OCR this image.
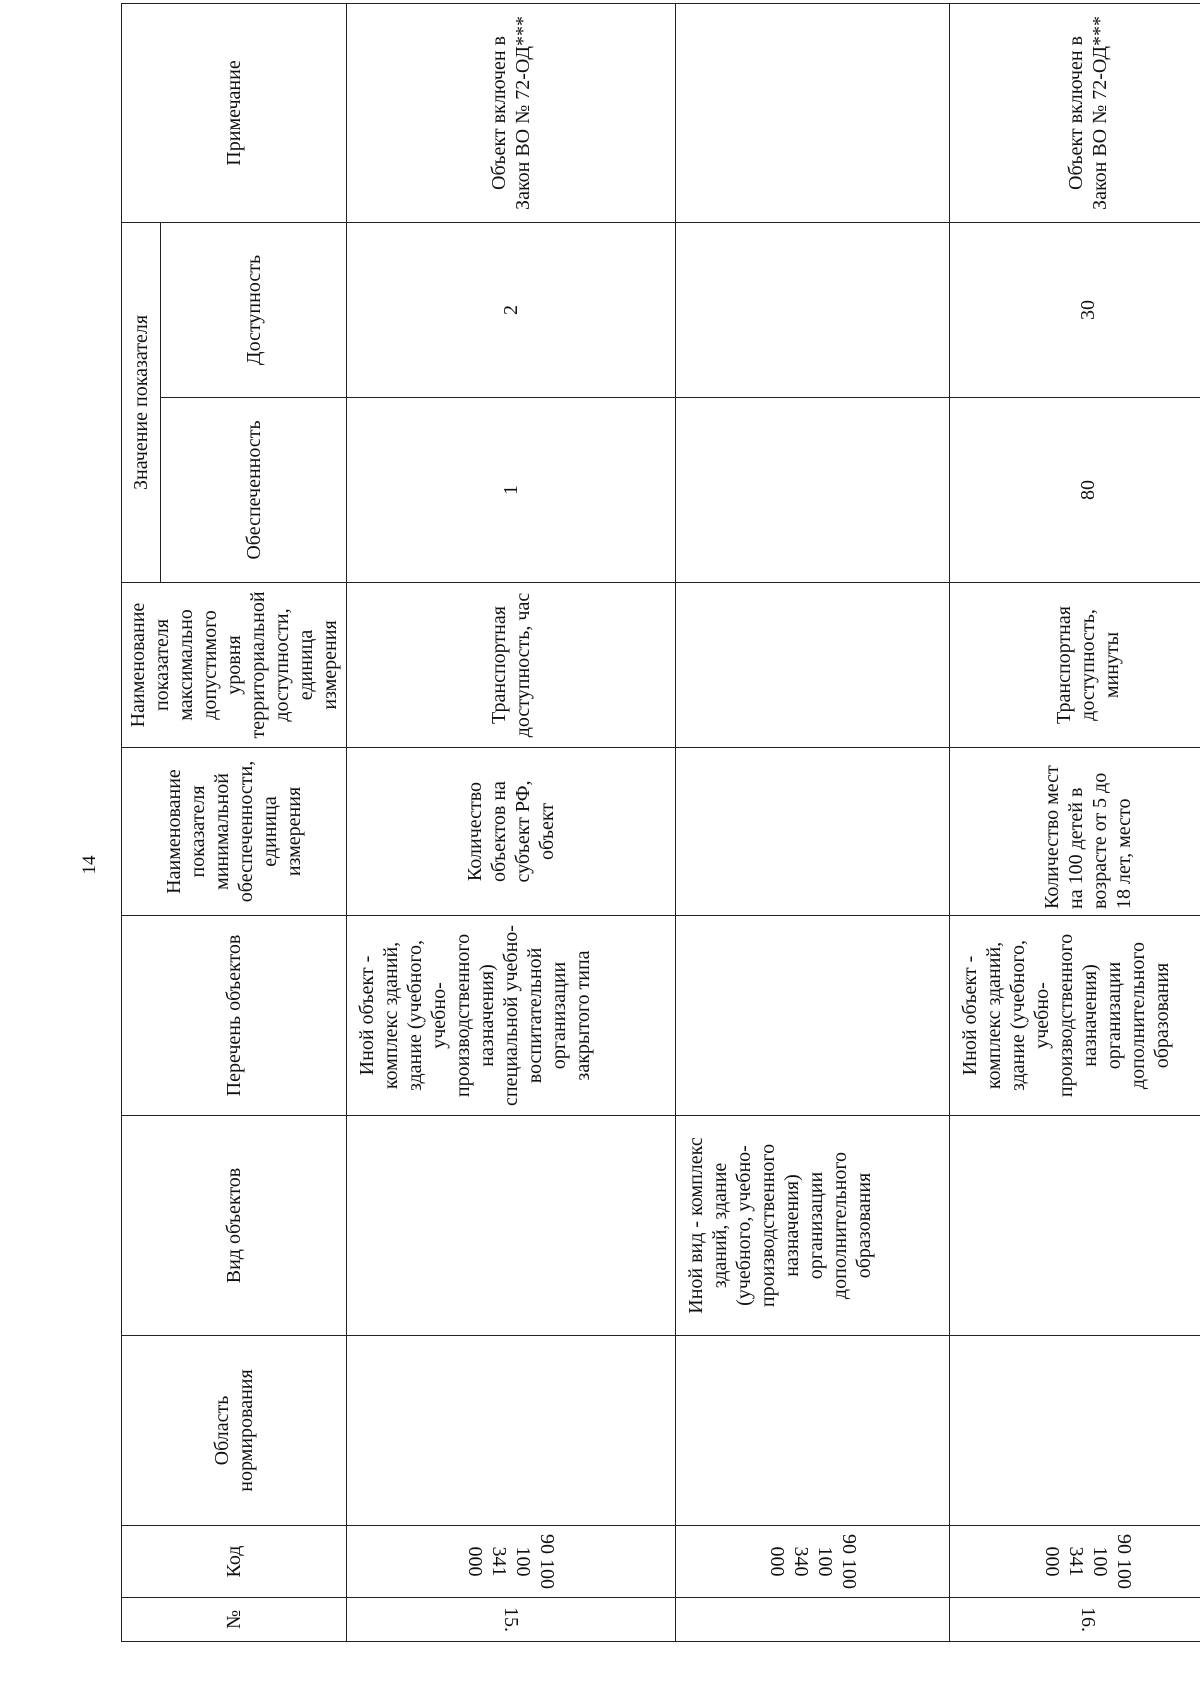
14
№	Код	Область нормирования	Вид объектов	Перечень объектов	Наименование показателя минимальной обеспеченности, единица измерения	Наименование показателя максимально допустимого уровня территориальной доступности, единица измерения	Значение показателя		Примечание
							Обеспеченность	Доступность	
15.	90 100 100 341 000			Иной объект - комплекс зданий, здание (учебного, учебно-производственного назначения) специальной учебно-воспитательной организации закрытого типа	Количество объектов на субъект РФ, объект	Транспортная доступность, час	1	2	Объект включен в Закон ВО № 72-ОД***
	90 100 100 340 000		Иной вид - комплекс зданий, здание (учебного, учебно-производственного назначения) организации дополнительного образования						
16.	90 100 100 341 000			Иной объект - комплекс зданий, здание (учебного, учебно-производственного назначения) организации дополнительного образования	Количество мест на 100 детей в возрасте от 5 до 18 лет, место	Транспортная доступность, минуты	80	30	Объект включен в Закон ВО № 72-ОД***
